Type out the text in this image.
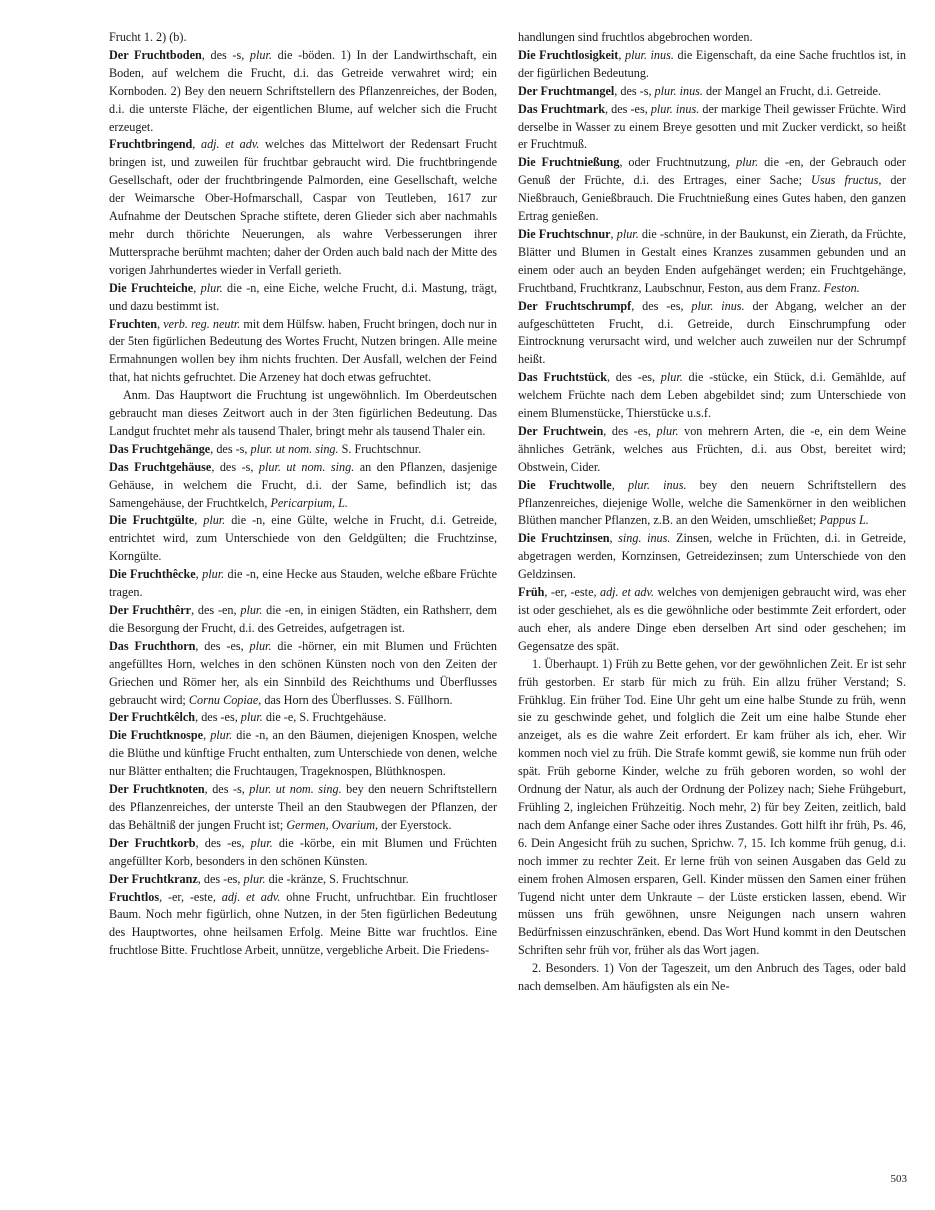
Frucht 1. 2) (b).

Der Fruchtboden, des -s, plur. die -böden. 1) In der Landwirthschaft, ein Boden, auf welchem die Frucht, d.i. das Getreide verwahret wird; ein Kornboden. 2) Bey den neuern Schriftstellern des Pflanzenreiches, der Boden, d.i. die unterste Fläche, der eigentlichen Blume, auf welcher sich die Frucht erzeuget.

Fruchtbringend, adj. et adv. welches das Mittelwort der Redensart Frucht bringen ist, und zuweilen für fruchtbar gebraucht wird. Die fruchtbringende Gesellschaft, oder der fruchtbringende Palmorden, eine Gesellschaft, welche der Weimarsche Ober-Hofmarschall, Caspar von Teutleben, 1617 zur Aufnahme der Deutschen Sprache stiftete, deren Glieder sich aber nachmahls mehr durch thörichte Neuerungen, als wahre Verbesserungen ihrer Muttersprache berühmt machten; daher der Orden auch bald nach der Mitte des vorigen Jahrhundertes wieder in Verfall gerieth.

Die Fruchteiche, plur. die -n, eine Eiche, welche Frucht, d.i. Mastung, trägt, und dazu bestimmt ist.

Fruchten, verb. reg. neutr. mit dem Hülfsw. haben, Frucht bringen, doch nur in der 5ten figürlichen Bedeutung des Wortes Frucht, Nutzen bringen. Alle meine Ermahnungen wollen bey ihm nichts fruchten. Der Ausfall, welchen der Feind that, hat nichts gefruchtet. Die Arzeney hat doch etwas gefruchtet.

Anm. Das Hauptwort die Fruchtung ist ungewöhnlich. Im Oberdeutschen gebraucht man dieses Zeitwort auch in der 3ten figürlichen Bedeutung. Das Landgut fruchtet mehr als tausend Thaler, bringt mehr als tausend Thaler ein.

Das Fruchtgehänge, des -s, plur. ut nom. sing. S. Fruchtschnur.

Das Fruchtgehäuse, des -s, plur. ut nom. sing. an den Pflanzen, dasjenige Gehäuse, in welchem die Frucht, d.i. der Same, befindlich ist; das Samengehäuse, der Fruchtkelch, Pericarpium, L.

Die Fruchtgülte, plur. die -n, eine Gülte, welche in Frucht, d.i. Getreide, entrichtet wird, zum Unterschiede von den Geldgülten; die Fruchtzinse, Korngülte.

Die Fruchthêcke, plur. die -n, eine Hecke aus Stauden, welche eßbare Früchte tragen.

Der Fruchthêrr, des -en, plur. die -en, in einigen Städten, ein Rathsherr, dem die Besorgung der Frucht, d.i. des Getreides, aufgetragen ist.

Das Fruchthorn, des -es, plur. die -hörner, ein mit Blumen und Früchten angefülltes Horn, welches in den schönen Künsten noch von den Zeiten der Griechen und Römer her, als ein Sinnbild des Reichthums und Überflusses gebraucht wird; Cornu Copiae, das Horn des Überflusses. S. Füllhorn.

Der Fruchtkêlch, des -es, plur. die -e, S. Fruchtgehäuse.

Die Fruchtknospe, plur. die -n, an den Bäumen, diejenigen Knospen, welche die Blüthe und künftige Frucht enthalten, zum Unterschiede von denen, welche nur Blätter enthalten; die Fruchtaugen, Trageknospen, Blüthknospen.

Der Fruchtknoten, des -s, plur. ut nom. sing. bey den neuern Schriftstellern des Pflanzenreiches, der unterste Theil an den Staubwegen der Pflanzen, der das Behältniß der jungen Frucht ist; Germen, Ovarium, der Eyerstock.

Der Fruchtkorb, des -es, plur. die -körbe, ein mit Blumen und Früchten angefüllter Korb, besonders in den schönen Künsten.

Der Fruchtkranz, des -es, plur. die -kränze, S. Fruchtschnur.

Fruchtlos, -er, -este, adj. et adv. ohne Frucht, unfruchtbar. Ein fruchtloser Baum. Noch mehr figürlich, ohne Nutzen, in der 5ten figürlichen Bedeutung des Hauptwortes, ohne heilsamen Erfolg. Meine Bitte war fruchtlos. Eine fruchtlose Bitte. Fruchtlose Arbeit, unnütze, vergebliche Arbeit. Die Friedens-

handlungen sind fruchtlos abgebrochen worden.

Die Fruchtlosigkeit, plur. inus. die Eigenschaft, da eine Sache fruchtlos ist, in der figürlichen Bedeutung.

Der Fruchtmangel, des -s, plur. inus. der Mangel an Frucht, d.i. Getreide.

Das Fruchtmark, des -es, plur. inus. der markige Theil gewisser Früchte. Wird derselbe in Wasser zu einem Breye gesotten und mit Zucker verdickt, so heißt er Fruchtmuß.

Die Fruchtnießung, oder Fruchtnutzung, plur. die -en, der Gebrauch oder Genuß der Früchte, d.i. des Ertrages, einer Sache; Usus fructus, der Nießbrauch, Genießbrauch. Die Fruchtnießung eines Gutes haben, den ganzen Ertrag genießen.

Die Fruchtschnur, plur. die -schnüre, in der Baukunst, ein Zierath, da Früchte, Blätter und Blumen in Gestalt eines Kranzes zusammen gebunden und an einem oder auch an beyden Enden aufgehänget werden; ein Fruchtgehänge, Fruchtband, Fruchtkranz, Laubschnur, Feston, aus dem Franz. Feston.

Der Fruchtschrumpf, des -es, plur. inus. der Abgang, welcher an der aufgeschütteten Frucht, d.i. Getreide, durch Einschrumpfung oder Eintrocknung verursacht wird, und welcher auch zuweilen nur der Schrumpf heißt.

Das Fruchtstück, des -es, plur. die -stücke, ein Stück, d.i. Gemählde, auf welchem Früchte nach dem Leben abgebildet sind; zum Unterschiede von einem Blumenstücke, Thierstücke u.s.f.

Der Fruchtwein, des -es, plur. von mehrern Arten, die -e, ein dem Weine ähnliches Getränk, welches aus Früchten, d.i. aus Obst, bereitet wird; Obstwein, Cider.

Die Fruchtwolle, plur. inus. bey den neuern Schriftstellern des Pflanzenreiches, diejenige Wolle, welche die Samenkörner in den weiblichen Blüthen mancher Pflanzen, z.B. an den Weiden, umschließet; Pappus L.

Die Fruchtzinsen, sing. inus. Zinsen, welche in Früchten, d.i. in Getreide, abgetragen werden, Kornzinsen, Getreidezinsen; zum Unterschiede von den Geldzinsen.

Früh, -er, -este, adj. et adv. welches von demjenigen gebraucht wird, was eher ist oder geschiehet, als es die gewöhnliche oder bestimmte Zeit erfordert, oder auch eher, als andere Dinge eben derselben Art sind oder geschehen; im Gegensatze des spät.

1. Überhaupt. 1) Früh zu Bette gehen, vor der gewöhnlichen Zeit. Er ist sehr früh gestorben. Er starb für mich zu früh. Ein allzu früher Verstand; S. Frühklug. Ein früher Tod. Eine Uhr geht um eine halbe Stunde zu früh, wenn sie zu geschwinde gehet, und folglich die Zeit um eine halbe Stunde eher anzeiget, als es die wahre Zeit erfordert. Er kam früher als ich, eher. Wir kommen noch viel zu früh. Die Strafe kommt gewiß, sie komme nun früh oder spät. Früh geborne Kinder, welche zu früh geboren worden, so wohl der Ordnung der Natur, als auch der Ordnung der Polizey nach; Siehe Frühgeburt, Frühling 2, ingleichen Frühzeitig. Noch mehr, 2) für bey Zeiten, zeitlich, bald nach dem Anfange einer Sache oder ihres Zustandes. Gott hilft ihr früh, Ps. 46, 6. Dein Angesicht früh zu suchen, Sprichw. 7, 15. Ich komme früh genug, d.i. noch immer zu rechter Zeit. Er lerne früh von seinen Ausgaben das Geld zu einem frohen Almosen ersparen, Gell. Kinder müssen den Samen einer frühen Tugend nicht unter dem Unkraute – der Lüste ersticken lassen, ebend. Wir müssen uns früh gewöhnen, unsre Neigungen nach unsern wahren Bedürfnissen einzuschränken, ebend. Das Wort Hund kommt in den Deutschen Schriften sehr früh vor, früher als das Wort jagen.

2. Besonders. 1) Von der Tageszeit, um den Anbruch des Tages, oder bald nach demselben. Am häufigsten als ein Ne-

503
